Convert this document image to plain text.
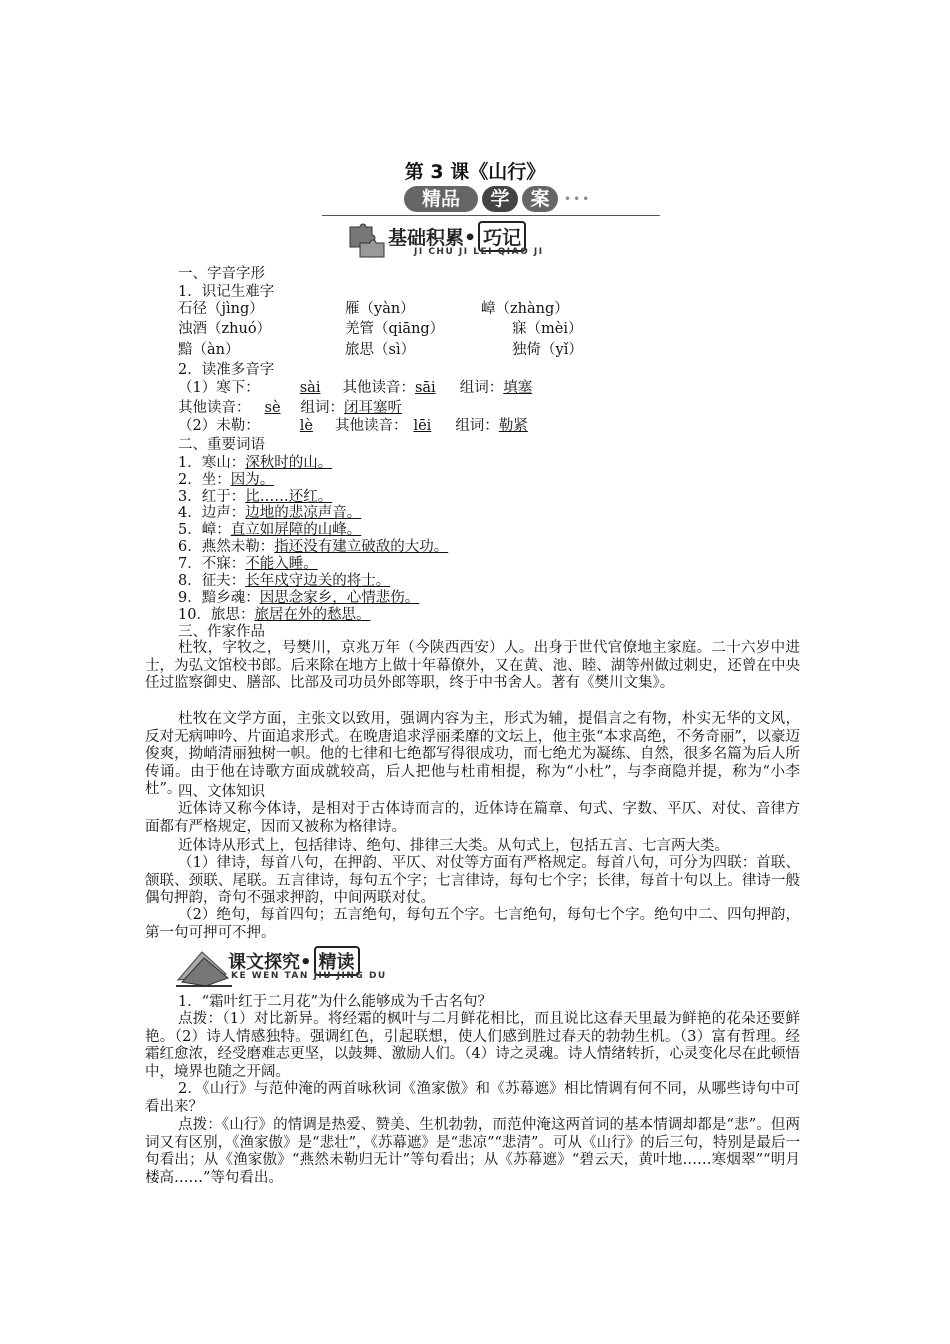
第 3 课《山行》
精品	学	案	•••
基础积累• 巧记
JI CHU JI LEI QIAO JI
一、字音字形
1．识记生难字
石径（jìng）	雁（yàn）	嶂（zhàng）
浊酒（zhuó）	羌管（qiāng）	寐（mèi）
黯（àn）	旅思（sì）	独倚（yǐ）
2．读准多音字
（1）寒下：	sài 其他读音：sāi 组词：填塞
其他读音： sè 组词：闭耳塞听
（2）未勒：	lè 其他读音： lēi 组词：勒紧
二、重要词语
1．寒山：深秋时的山。
2．坐：因为。
3．红于：比……还红。
4．边声：边地的悲凉声音。
5．嶂：直立如屏障的山峰。
6．燕然未勒：指还没有建立破敌的大功。
7．不寐：不能入睡。
8．征夫：长年戍守边关的将士。
9．黯乡魂：因思念家乡，心情悲伤。
10．旅思：旅居在外的愁思。
三、作家作品
杜牧，字牧之，号樊川，京兆万年（今陕西西安）人。出身于世代官僚地主家庭。二十六岁中进士，为弘文馆校书郎。后来除在地方上做十年幕僚外，又在黄、池、睦、湖等州做过刺史，还曾在中央任过监察御史、膳部、比部及司功员外郎等职，终于中书舍人。著有《樊川文集》。
杜牧在文学方面，主张文以致用，强调内容为主，形式为辅，提倡言之有物，朴实无华的文风，反对无病呻吟、片面追求形式。在晚唐追求浮丽柔靡的文坛上，他主张“本求高绝，不务奇丽”，以豪迈俊爽，拗峭清丽独树一帜。他的七律和七绝都写得很成功，而七绝尤为凝练、自然，很多名篇为后人所传诵。由于他在诗歌方面成就较高，后人把他与杜甫相提，称为“小杜”，与李商隐并提，称为“小李杜”。
四、文体知识
近体诗又称今体诗，是相对于古体诗而言的，近体诗在篇章、句式、字数、平仄、对仗、音律方面都有严格规定，因而又被称为格律诗。
近体诗从形式上，包括律诗、绝句、排律三大类。从句式上，包括五言、七言两大类。
（1）律诗，每首八句，在押韵、平仄、对仗等方面有严格规定。每首八句，可分为四联：首联、颔联、颈联、尾联。五言律诗，每句五个字；七言律诗，每句七个字；长律，每首十句以上。律诗一般偶句押韵，奇句不强求押韵，中间两联对仗。
（2）绝句，每首四句；五言绝句，每句五个字。七言绝句，每句七个字。绝句中二、四句押韵，第一句可押可不押。
课文探究• 精读
KE WEN TAN JIU JING DU
1．“霜叶红于二月花”为什么能够成为千古名句？
点拨：（1）对比新异。将经霜的枫叶与二月鲜花相比，而且说比这春天里最为鲜艳的花朵还要鲜艳。（2）诗人情感独特。强调红色，引起联想，使人们感到胜过春天的勃勃生机。（3）富有哲理。经霜红愈浓，经受磨难志更坚，以鼓舞、激励人们。（4）诗之灵魂。诗人情绪转折，心灵变化尽在此顿悟中，境界也随之开阔。
2．《山行》与范仲淹的两首咏秋词《渔家傲》和《苏幕遮》相比情调有何不同，从哪些诗句中可看出来？
点拨：《山行》的情调是热爱、赞美、生机勃勃，而范仲淹这两首词的基本情调却都是“悲”。但两词又有区别，《渔家傲》是“悲壮”，《苏幕遮》是“悲凉”“悲清”。可从《山行》的后三句，特别是最后一句看出；从《渔家傲》“燕然未勒归无计”等句看出；从《苏幕遮》“碧云天，黄叶地……寒烟翠”“明月楼高……”等句看出。
